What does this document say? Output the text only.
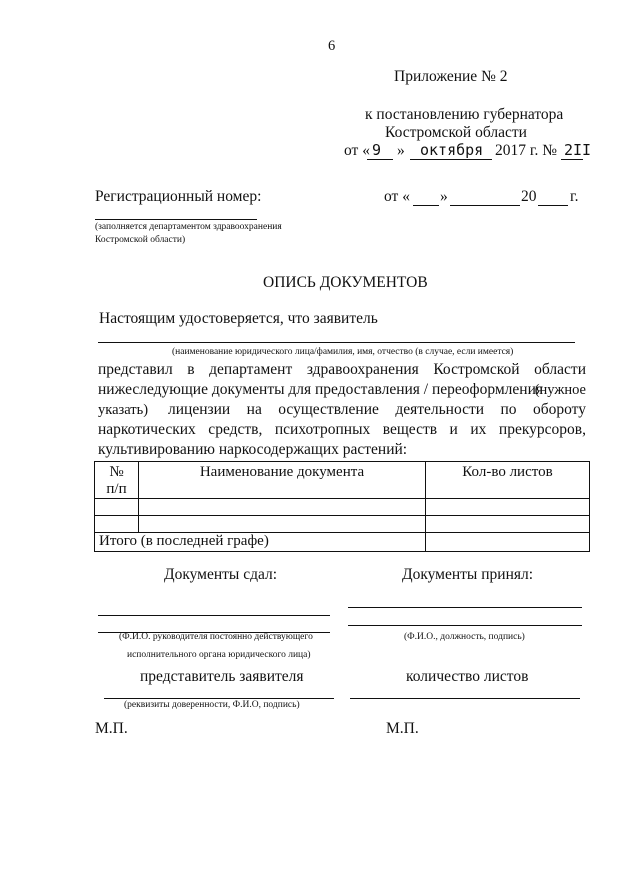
6
Приложение № 2
к постановлению губернатора
Костромской области
от « 9 » октября 2017 г. № 2II
Регистрационный номер:	от « »	20 г.
(заполняется департаментом здравоохранения
Костромской области)
ОПИСЬ ДОКУМЕНТОВ
Настоящим удостоверяется, что заявитель
(наименование юридического лица/фамилия, имя, отчество (в случае, если имеется)
представил в департамент здравоохранения Костромской области
нижеследующие документы для предоставления / переоформления
(нужное
указать) лицензии на осуществление деятельности по обороту
наркотических средств, психотропных веществ и их прекурсоров,
культивированию наркосодержащих растений:
№
п/п	Наименование документа	Кол-во листов

Итого (в последней графе)		
Документы сдал:	Документы принял:
(Ф.И.О. руководителя постоянно действующего	(Ф.И.О., должность, подпись)
исполнительного органа юридического лица)
представитель заявителя	количество листов
(реквизиты доверенности, Ф.И.О, подпись)
М.П.	М.П.
